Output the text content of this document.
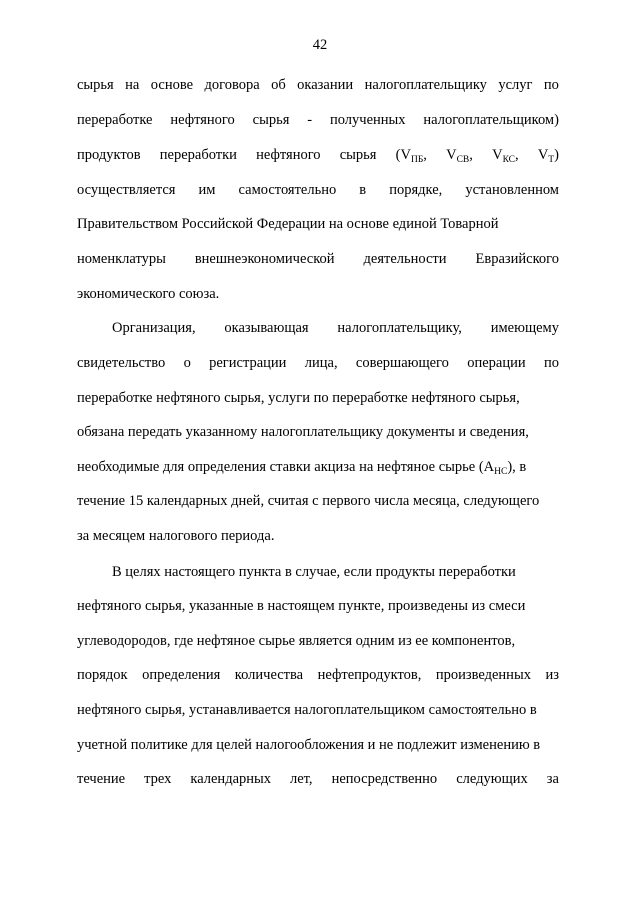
42
сырья на основе договора об оказании налогоплательщику услуг по
переработке нефтяного сырья - полученных налогоплательщиком)
продуктов переработки нефтяного сырья ($V_{ПБ}$, $V_{СВ}$, $V_{КС}$, $V_Т$)
осуществляется им самостоятельно в порядке, установленном
Правительством Российской Федерации на основе единой Товарной
номенклатуры внешнеэкономической деятельности Евразийского
экономического союза.
Организация, оказывающая налогоплательщику, имеющему
свидетельство о регистрации лица, совершающего операции по
переработке нефтяного сырья, услуги по переработке нефтяного сырья,
обязана передать указанному налогоплательщику документы и сведения,
необходимые для определения ставки акциза на нефтяное сырье $(А_{НС})$, в
течение 15 календарных дней, считая с первого числа месяца, следующего
за месяцем налогового периода.
В целях настоящего пункта в случае, если продукты переработки
нефтяного сырья, указанные в настоящем пункте, произведены из смеси
углеводородов, где нефтяное сырье является одним из ее компонентов,
порядок определения количества нефтепродуктов, произведенных из
нефтяного сырья, устанавливается налогоплательщиком самостоятельно в
учетной политике для целей налогообложения и не подлежит изменению в
течение трех календарных лет, непосредственно следующих за
